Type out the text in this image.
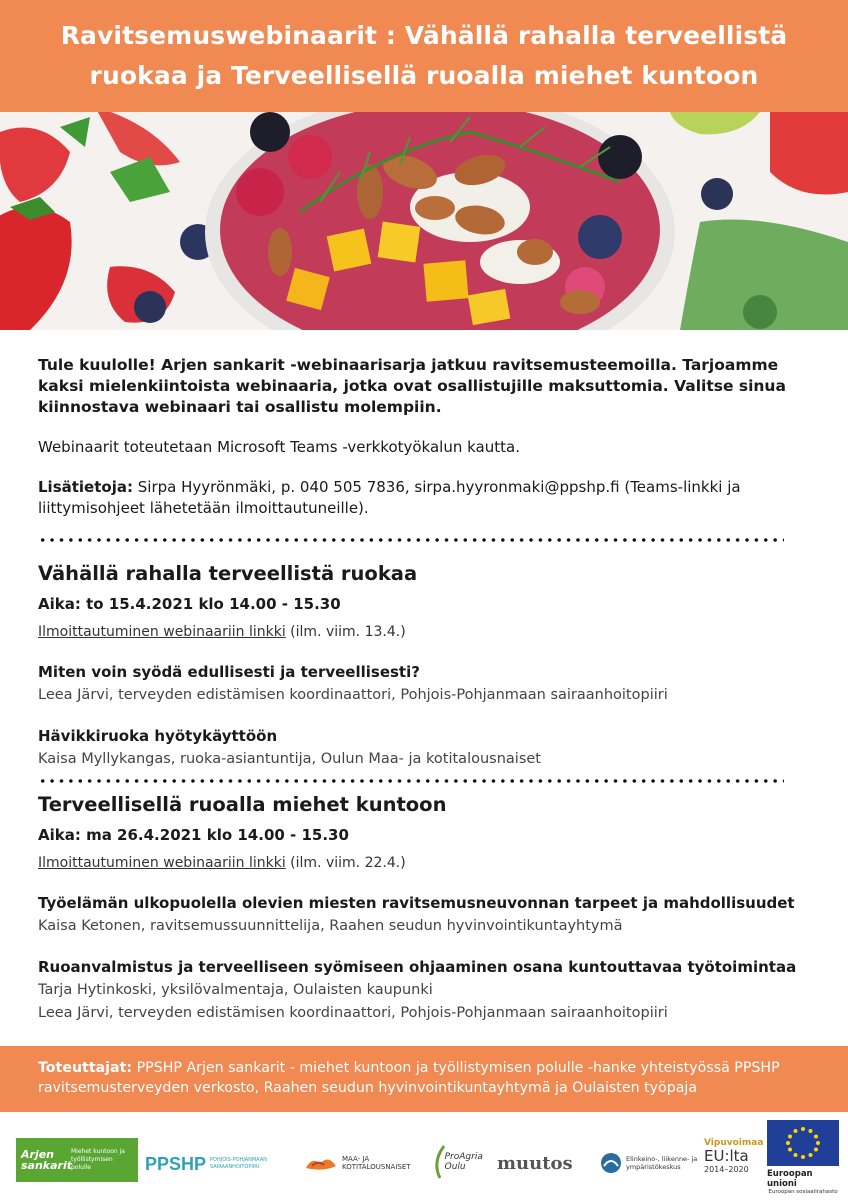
Ravitsemuswebinaarit : Vähällä rahalla terveellistä ruokaa ja Terveellisellä ruoalla miehet kuntoon

Tule kuulolle! Arjen sankarit -webinaarisarja jatkuu ravitsemusteemoilla. Tarjoamme kaksi mielenkiintoista webinaaria, jotka ovat osallistujille maksuttomia. Valitse sinua kiinnostava webinaari tai osallistu molempiin.

Webinaarit toteutetaan Microsoft Teams -verkkotyökalun kautta.

Lisätietoja: Sirpa Hyyrönmäki, p. 040 505 7836, sirpa.hyyronmaki@ppshp.fi (Teams-linkki ja liittymisohjeet lähetetään ilmoittautuneille).

Vähällä rahalla terveellistä ruokaa
Aika: to 15.4.2021 klo 14.00 - 15.30
Ilmoittautuminen webinaariin linkki (ilm. viim. 13.4.)
Miten voin syödä edullisesti ja terveellisesti?
Leea Järvi, terveyden edistämisen koordinaattori, Pohjois-Pohjanmaan sairaanhoitopiiri
Hävikkiruoka hyötykäyttöön
Kaisa Myllykangas, ruoka-asiantuntija, Oulun Maa- ja kotitalousnaiset
Terveellisellä ruoalla miehet kuntoon
Aika: ma 26.4.2021 klo 14.00 - 15.30
Ilmoittautuminen webinaariin linkki (ilm. viim. 22.4.)
Työelämän ulkopuolella olevien miesten ravitsemusneuvonnan tarpeet ja mahdollisuudet
Kaisa Ketonen, ravitsemussuunnittelija, Raahen seudun hyvinvointikuntayhtymä
Ruoanvalmistus ja terveelliseen syömiseen ohjaaminen osana kuntouttavaa työtoimintaa
Tarja Hytinkoski, yksilövalmentaja, Oulaisten kaupunki
Leea Järvi, terveyden edistämisen koordinaattori, Pohjois-Pohjanmaan sairaanhoitopiiri

Toteuttajat: PPSHP Arjen sankarit - miehet kuntoon ja työllistymisen polulle -hanke yhteistyössä PPSHP ravitsemusterveyden verkosto, Raahen seudun hyvinvointikuntayhtymä ja Oulaisten työpaja

Arjen sankarit
Miehet kuntoon ja työllistymisen polulle	PPSHP POHJOIS-POHJANMAAN SAIRAANHOITOPIIRI
MAA- JA KOTITALOUSNAISET
ProAgria Oulu	muutos	Elinkeino-, liikenne- ja ympäristökeskus
Vipuvoimaa
EU:lta
2014–2020 Euroopan unioni
Euroopan sosiaalirahasto
